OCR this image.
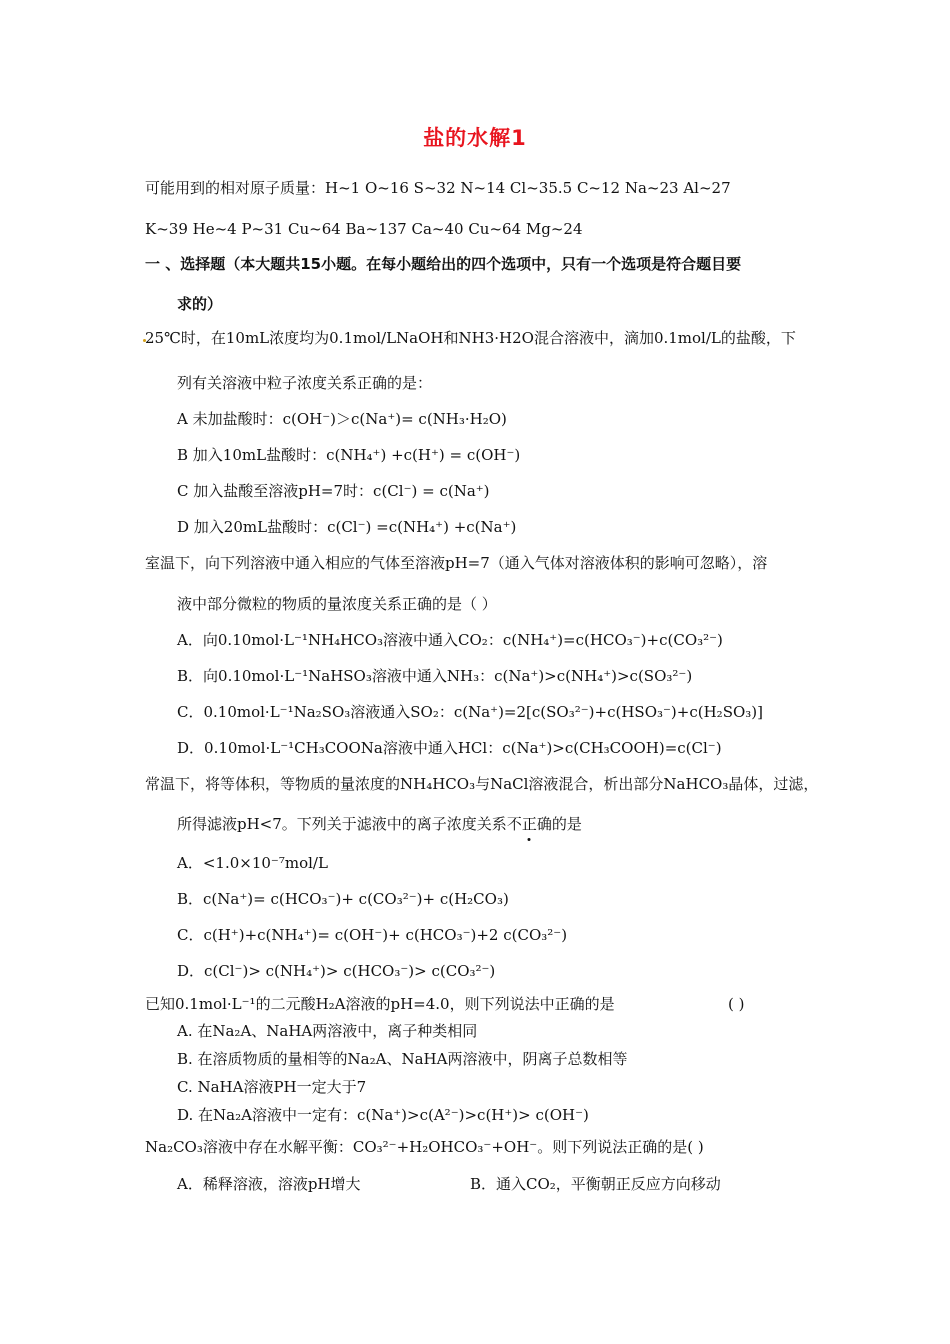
盐的水解1
可能用到的相对原子质量：H~1 O~16 S~32 N~14 Cl~35.5 C~12 Na~23 Al~27
K~39 He~4 P~31 Cu~64 Ba~137 Ca~40 Cu~64 Mg~24
一 、选择题（本大题共15小题。在每小题给出的四个选项中，只有一个选项是符合题目要
求的）
25℃时，在10mL浓度均为0.1mol/LNaOH和NH3·H2O混合溶液中，滴加0.1mol/L的盐酸，下
列有关溶液中粒子浓度关系正确的是：
A 未加盐酸时：c(OH⁻)＞c(Na⁺)= c(NH₃·H₂O)
B 加入10mL盐酸时：c(NH₄⁺) +c(H⁺) = c(OH⁻)
C 加入盐酸至溶液pH=7时：c(Cl⁻) = c(Na⁺)
D 加入20mL盐酸时：c(Cl⁻) =c(NH₄⁺) +c(Na⁺)
室温下，向下列溶液中通入相应的气体至溶液pH=7（通入气体对溶液体积的影响可忽略），溶
液中部分微粒的物质的量浓度关系正确的是（ ）
A．向0.10mol·L⁻¹NH₄HCO₃溶液中通入CO₂：c(NH₄⁺)=c(HCO₃⁻)+c(CO₃²⁻)
B．向0.10mol·L⁻¹NaHSO₃溶液中通入NH₃：c(Na⁺)>c(NH₄⁺)>c(SO₃²⁻)
C．0.10mol·L⁻¹Na₂SO₃溶液通入SO₂：c(Na⁺)=2[c(SO₃²⁻)+c(HSO₃⁻)+c(H₂SO₃)]
D．0.10mol·L⁻¹CH₃COONa溶液中通入HCl：c(Na⁺)>c(CH₃COOH)=c(Cl⁻)
常温下，将等体积，等物质的量浓度的NH₄HCO₃与NaCl溶液混合，析出部分NaHCO₃晶体，过滤，
所得滤液pH<7。下列关于滤液中的离子浓度关系不正确的是
A．<1.0×10⁻⁷mol/L
B．c(Na⁺)= c(HCO₃⁻)+ c(CO₃²⁻)+ c(H₂CO₃)
C．c(H⁺)+c(NH₄⁺)= c(OH⁻)+ c(HCO₃⁻)+2 c(CO₃²⁻)
D．c(Cl⁻)> c(NH₄⁺)> c(HCO₃⁻)> c(CO₃²⁻)
已知0.1mol·L⁻¹的二元酸H₂A溶液的pH=4.0，则下列说法中正确的是	( )
A. 在Na₂A、NaHA两溶液中，离子种类相同
B. 在溶质物质的量相等的Na₂A、NaHA两溶液中，阴离子总数相等
C. NaHA溶液PH一定大于7
D. 在Na₂A溶液中一定有：c(Na⁺)>c(A²⁻)>c(H⁺)> c(OH⁻)
Na₂CO₃溶液中存在水解平衡：CO₃²⁻+H₂OHCO₃⁻+OH⁻。则下列说法正确的是( )
A．稀释溶液，溶液pH增大	B．通入CO₂，平衡朝正反应方向移动
